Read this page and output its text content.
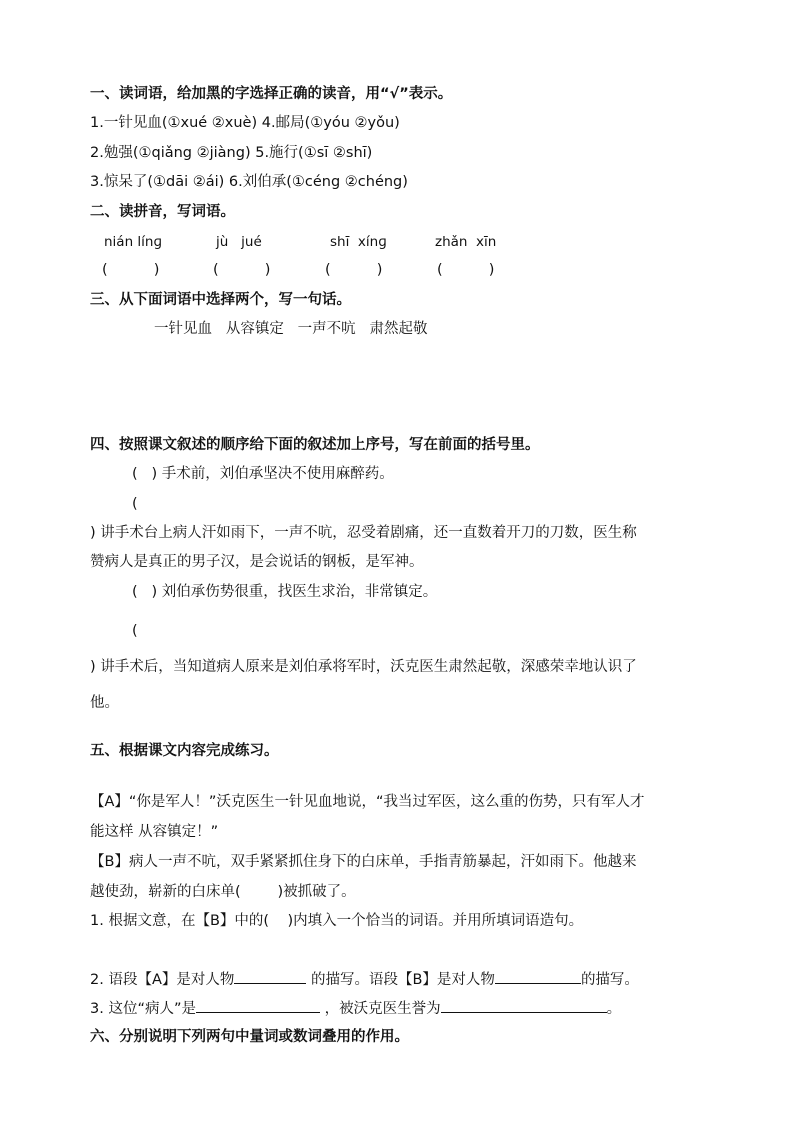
一、读词语，给加黑的字选择正确的读音，用“√”表示。
1.一针见血(①xué ②xuè) 4.邮局(①yóu ②yǒu)
2.勉强(①qiǎng ②jiàng) 5.施行(①sī ②shī)
3.惊呆了(①dāi ②ái) 6.刘伯承(①céng ②chéng)
二、读拼音，写词语。
nián línɡ	jù   jué	shī  xínɡ	zhǎn  xīn
(          )	(          )	(          )	(          )
三、从下面词语中选择两个，写一句话。
一针见血   从容镇定   一声不吭   肃然起敬
四、按照课文叙述的顺序给下面的叙述加上序号，写在前面的括号里。
(   ) 手术前，刘伯承坚决不使用麻醉药。
(
) 讲手术台上病人汗如雨下，一声不吭，忍受着剧痛，还一直数着开刀的刀数，医生称
赞病人是真正的男子汉，是会说话的钢板，是军神。
(   ) 刘伯承伤势很重，找医生求治，非常镇定。
(
) 讲手术后，当知道病人原来是刘伯承将军时，沃克医生肃然起敬，深感荣幸地认识了
他。
五、根据课文内容完成练习。
【A】“你是军人！”沃克医生一针见血地说，“我当过军医，这么重的伤势，只有军人才
能这样 从容镇定！”
【B】病人一声不吭，双手紧紧抓住身下的白床单，手指青筋暴起，汗如雨下。他越来
越使劲，崭新的白床单(        )被抓破了。
1. 根据文意，在【B】中的(    )内填入一个恰当的词语。并用所填词语造句。
2. 语段【A】是对人物	的描写。语段【B】是对人物	的描写。
3. 这位“病人”是	，被沃克医生誉为	。
六、分别说明下列两句中量词或数词叠用的作用。
